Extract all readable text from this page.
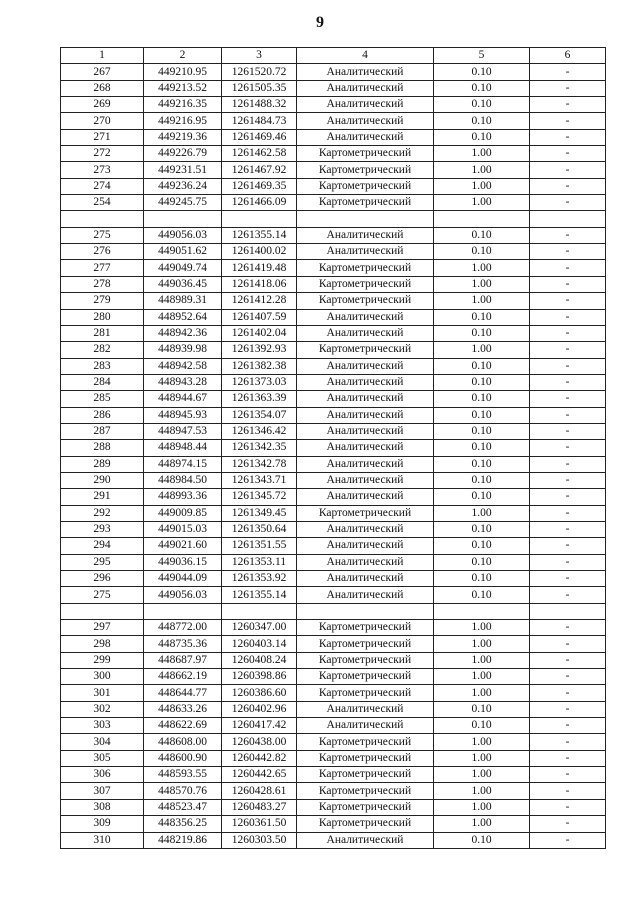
9
1	2	3	4	5	6
267	449210.95	1261520.72	Аналитический	0.10	-
268	449213.52	1261505.35	Аналитический	0.10	-
269	449216.35	1261488.32	Аналитический	0.10	-
270	449216.95	1261484.73	Аналитический	0.10	-
271	449219.36	1261469.46	Аналитический	0.10	-
272	449226.79	1261462.58	Картометрический	1.00	-
273	449231.51	1261467.92	Картометрический	1.00	-
274	449236.24	1261469.35	Картометрический	1.00	-
254	449245.75	1261466.09	Картометрический	1.00	-

275	449056.03	1261355.14	Аналитический	0.10	-
276	449051.62	1261400.02	Аналитический	0.10	-
277	449049.74	1261419.48	Картометрический	1.00	-
278	449036.45	1261418.06	Картометрический	1.00	-
279	448989.31	1261412.28	Картометрический	1.00	-
280	448952.64	1261407.59	Аналитический	0.10	-
281	448942.36	1261402.04	Аналитический	0.10	-
282	448939.98	1261392.93	Картометрический	1.00	-
283	448942.58	1261382.38	Аналитический	0.10	-
284	448943.28	1261373.03	Аналитический	0.10	-
285	448944.67	1261363.39	Аналитический	0.10	-
286	448945.93	1261354.07	Аналитический	0.10	-
287	448947.53	1261346.42	Аналитический	0.10	-
288	448948.44	1261342.35	Аналитический	0.10	-
289	448974.15	1261342.78	Аналитический	0.10	-
290	448984.50	1261343.71	Аналитический	0.10	-
291	448993.36	1261345.72	Аналитический	0.10	-
292	449009.85	1261349.45	Картометрический	1.00	-
293	449015.03	1261350.64	Аналитический	0.10	-
294	449021.60	1261351.55	Аналитический	0.10	-
295	449036.15	1261353.11	Аналитический	0.10	-
296	449044.09	1261353.92	Аналитический	0.10	-
275	449056.03	1261355.14	Аналитический	0.10	-

297	448772.00	1260347.00	Картометрический	1.00	-
298	448735.36	1260403.14	Картометрический	1.00	-
299	448687.97	1260408.24	Картометрический	1.00	-
300	448662.19	1260398.86	Картометрический	1.00	-
301	448644.77	1260386.60	Картометрический	1.00	-
302	448633.26	1260402.96	Аналитический	0.10	-
303	448622.69	1260417.42	Аналитический	0.10	-
304	448608.00	1260438.00	Картометрический	1.00	-
305	448600.90	1260442.82	Картометрический	1.00	-
306	448593.55	1260442.65	Картометрический	1.00	-
307	448570.76	1260428.61	Картометрический	1.00	-
308	448523.47	1260483.27	Картометрический	1.00	-
309	448356.25	1260361.50	Картометрический	1.00	-
310	448219.86	1260303.50	Аналитический	0.10	-
